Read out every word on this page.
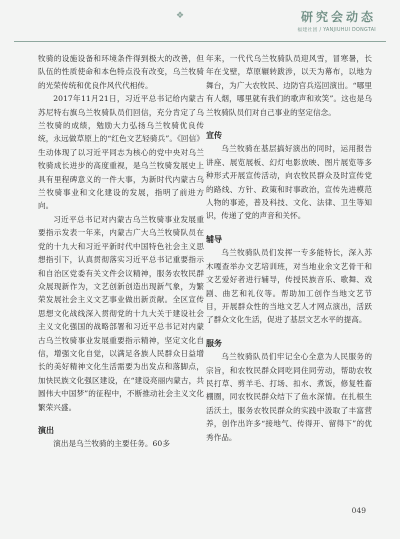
❖	研究会动态
福建社团 / YANJIUHUI DONGTAI

牧骑的设施设备和环境条件得到极大的改善，但队伍的性质使命和本色特点没有改变，乌兰牧骑的光荣传统和优良作风代代相传。

2017年11月21日，习近平总书记给内蒙古苏尼特右旗乌兰牧骑队员们回信，充分肯定了乌兰牧骑的成绩，勉励大力弘扬乌兰牧骑优良传统，永远做草原上的“红色文艺轻骑兵”。《回信》生动体现了以习近平同志为核心的党中央对乌兰牧骑成长进步的高度重视，是乌兰牧骑发展史上具有里程碑意义的一件大事，为新时代内蒙古乌兰牧骑事业和文化建设的发展，指明了前进方向。

习近平总书记对内蒙古乌兰牧骑事业发展重要指示发表一年来，内蒙古广大乌兰牧骑队员在党的十九大和习近平新时代中国特色社会主义思想指引下，认真贯彻落实习近平总书记重要指示和自治区党委有关文件会议精神，服务农牧民群众展现新作为，文艺创新创造出现新气象，为繁荣发展社会主义文艺事业做出新贡献。全区宣传思想文化战线深入贯彻党的十九大关于建设社会主义文化强国的战略部署和习近平总书记对内蒙古乌兰牧骑事业发展重要指示精神，坚定文化自信，增强文化自觉，以满足各族人民群众日益增长的美好精神文化生活需要为出发点和落脚点，加快民族文化强区建设，在“建设亮丽内蒙古，共圆伟大中国梦”的征程中，不断推动社会主义文化繁荣兴盛。

演出

演出是乌兰牧骑的主要任务。60多

年来，一代代乌兰牧骑队员迎风雪，冒寒暑，长年在戈壁，草原辗转跋涉，以天为幕布，以地为舞台，为广大农牧民、边防官兵巡回演出。“哪里有人烟，哪里就有我们的歌声和欢笑”。这也是乌兰牧骑队员们对自己事业的坚定信念。

宣传

乌兰牧骑在基层搞好演出的同时，运用报告讲座、展览展板、幻灯电影放映、图片展览等多种形式开展宣传活动，向农牧民群众及时宣传党的路线、方针、政策和时事政治，宣传先进模范人物的事迹，普及科技、文化、法律、卫生等知识，传递了党的声音和关怀。

辅导

乌兰牧骑队员们发挥一专多能特长，深入苏木嘎查举办文艺培训班，对当地业余文艺骨干和文艺爱好者进行辅导，传授民族音乐、歌舞、戏剧、曲艺和礼仪等。帮助加工创作当地文艺节目，开展群众性的当地文艺人才网点演出，活跃了群众文化生活，促进了基层文艺水平的提高。

服务

乌兰牧骑队员们牢记全心全意为人民服务的宗旨，和农牧民群众同吃同住同劳动，帮助农牧民打草、剪羊毛、打场、扣水、煮饭，修复牲畜棚圈，同农牧民群众结下了鱼水深情。在扎根生活沃土，服务农牧民群众的实践中汲取了丰富营养，创作出许多“接地气、传得开、留得下”的优秀作品。

049
